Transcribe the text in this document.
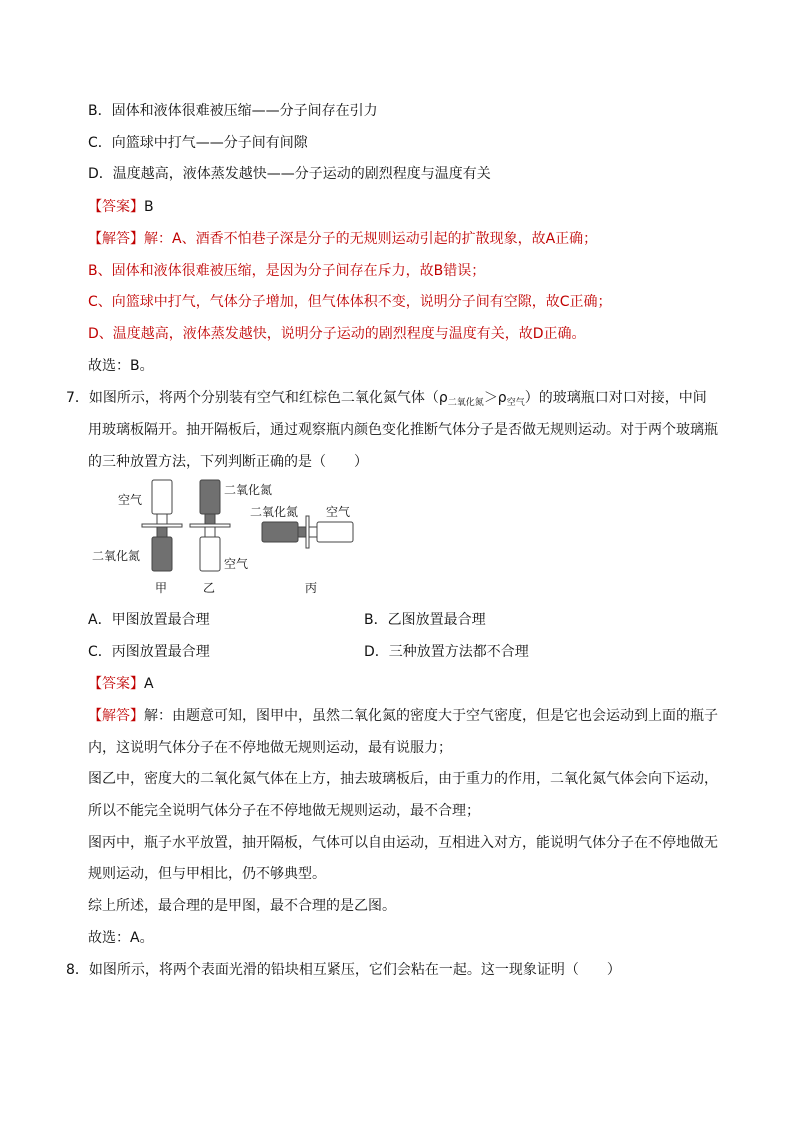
B．固体和液体很难被压缩——分子间存在引力
C．向篮球中打气——分子间有间隙
D．温度越高，液体蒸发越快——分子运动的剧烈程度与温度有关
【答案】B
【解答】解：A、酒香不怕巷子深是分子的无规则运动引起的扩散现象，故A正确；
B、固体和液体很难被压缩，是因为分子间存在斥力，故B错误；
C、向篮球中打气，气体分子增加，但气体体积不变，说明分子间有空隙，故C正确；
D、温度越高，液体蒸发越快，说明分子运动的剧烈程度与温度有关，故D正确。
故选：B。
7．如图所示，将两个分别装有空气和红棕色二氧化氮气体$(\rho_{二氧化氮}>\rho_{空气})$的玻璃瓶口对口对接，中间
用玻璃板隔开。抽开隔板后，通过观察瓶内颜色变化推断气体分子是否做无规则运动。对于两个玻璃瓶
的三种放置方法，下列判断正确的是（　　）
空气
二氧化氮
甲
二氧化氮
空气
乙
二氧化氮 空气
丙
A．甲图放置最合理	B．乙图放置最合理
C．丙图放置最合理	D．三种放置方法都不合理
【答案】A
【解答】解：由题意可知，图甲中，虽然二氧化氮的密度大于空气密度，但是它也会运动到上面的瓶子
内，这说明气体分子在不停地做无规则运动，最有说服力；
图乙中，密度大的二氧化氮气体在上方，抽去玻璃板后，由于重力的作用，二氧化氮气体会向下运动，
所以不能完全说明气体分子在不停地做无规则运动，最不合理；
图丙中，瓶子水平放置，抽开隔板，气体可以自由运动，互相进入对方，能说明气体分子在不停地做无
规则运动，但与甲相比，仍不够典型。
综上所述，最合理的是甲图，最不合理的是乙图。
故选：A。
8．如图所示，将两个表面光滑的铅块相互紧压，它们会粘在一起。这一现象证明（　　）
